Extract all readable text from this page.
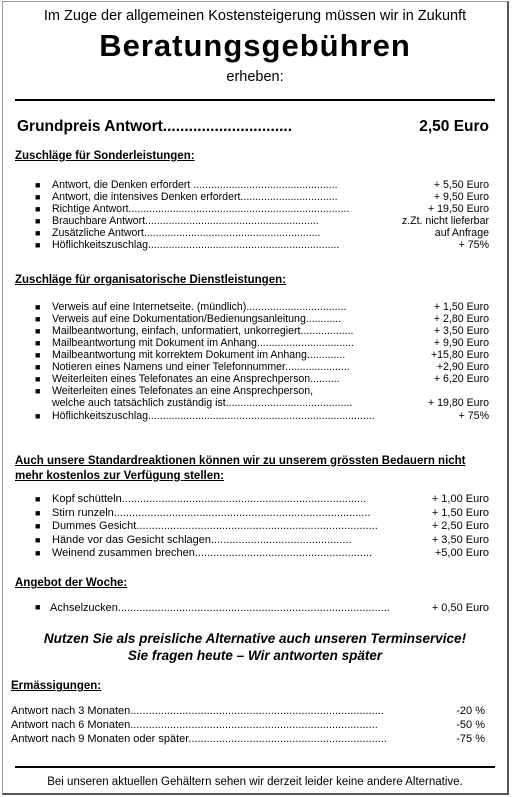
Im Zuge der allgemeinen Kostensteigerung müssen wir in Zukunft
Beratungsgebühren
erheben:
Grundpreis Antwort..............................	2,50 Euro
Zuschläge für Sonderleistungen:
■	Antwort, die Denken erfordert .................................................	+ 5,50 Euro
■	Antwort, die intensives Denken erfordert.................................	+ 9,50 Euro
■	Richtige Antwort...........................................................................	+ 19,50 Euro
■	Brauchbare Antwort...........................................................	z.Zt. nicht lieferbar
■	Zusätzliche Antwort............................................................	auf Anfrage
■	Höflichkeitszuschlag.................................................................	+ 75%
Zuschläge für organisatorische Dienstleistungen:
■	Verweis auf eine Internetseite. (mündlich)..................................	+ 1,50 Euro
■	Verweis auf eine Dokumentation/Bedienungsanleitung............	+ 2,80 Euro
■	Mailbeantwortung, einfach, unformatiert, unkorregiert..................	+ 3,50 Euro
■	Mailbeantwortung mit Dokument im Anhang.................................	+ 9,90 Euro
■	Mailbeantwortung mit korrektem Dokument im Anhang.............	+15,80 Euro
■	Notieren eines Namens und einer Telefonnummer......................	+2,90 Euro
■	Weiterleiten eines Telefonates an eine Ansprechperson..........	+ 6,20 Euro
■	Weiterleiten eines Telefonates an eine Ansprechperson,
welche auch tatsächlich zuständig ist...........................................	+ 19,80 Euro
■	Höflichkeitszuschlag.............................................................................	+ 75%
Auch unsere Standardreaktionen können wir zu unserem grössten Bedauern nicht
mehr kostenlos zur Verfügung stellen:
■	Kopf schütteln................................................................................	+ 1,00 Euro
■	Stirn runzeln....................................................................................	+ 1,50 Euro
■	Dummes Gesicht...............................................................................	+ 2,50 Euro
■	Hände vor das Gesicht schlagen..............................................	+ 3,50 Euro
■	Weinend zusammen brechen..........................................................	+5,00 Euro
Angebot der Woche:
■ Achselzucken.........................................................................................	+ 0,50 Euro
Nutzen Sie als preisliche Alternative auch unseren Terminservice!
Sie fragen heute – Wir antworten später
Ermässigungen:
Antwort nach 3 Monaten...................................................................................	-20 %
Antwort nach 6 Monaten.................................................................................	-50 %
Antwort nach 9 Monaten oder später.................................................................	-75 %
Bei unseren aktuellen Gehältern sehen wir derzeit leider keine andere Alternative.
